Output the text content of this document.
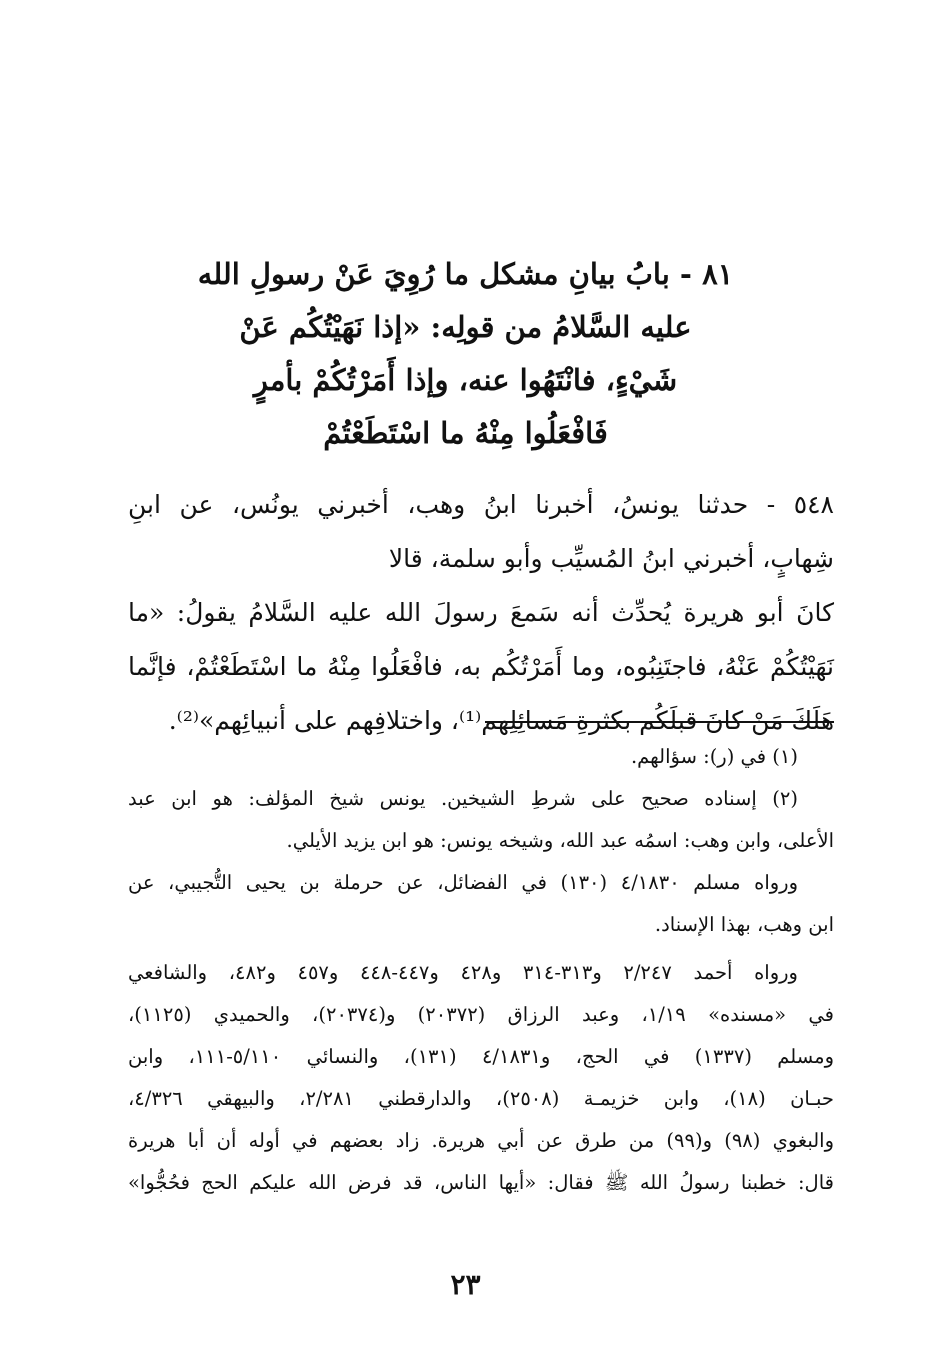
٨١ - بابُ بيانِ مشكل ما رُوِيَ عَنْ رسولِ الله
عليه السَّلامُ من قولِه: «إذا نَهَيْتُكُم عَنْ
شَيْءٍ، فانْتَهُوا عنه، وإذا أَمَرْتُكُمْ بأمرٍ
فَافْعَلُوا مِنْهُ ما اسْتَطَعْتُمْ

٥٤٨ - حدثنا يونسُ، أخبرنا ابنُ وهب، أخبرني يونُس، عن ابنِ

شِهابٍ، أخبرني ابنُ المُسيِّب وأبو سلمة، قالا

كانَ أبو هريرة يُحدِّث أنه سَمعَ رسولَ الله عليه السَّلامُ يقولُ: «ما

نَهَيْتُكُمْ عَنْهُ، فاجتَنِبُوه، وما أَمَرْتُكُم به، فافْعَلُوا مِنْهُ ما اسْتَطَعْتُمْ، فإنَّما

هَلَكَ مَنْ كانَ قبلَكُم بكثرةِ مَسائِلِهم⁽¹⁾، واختلافِهم على أنبيائِهم»⁽²⁾.

(١) في (ر): سؤالهم.

(٢) إسناده صحيح على شرطِ الشيخين. يونس شيخ المؤلف: هو ابن عبد

الأعلى، وابن وهب: اسمُه عبد الله، وشيخه يونس: هو ابن يزيد الأيلي.

ورواه مسلم ٤/١٨٣٠ (١٣٠) في الفضائل، عن حرملة بن يحيى التُّجيبي، عن

ابن وهب، بهذا الإسناد.

ورواه أحمد ٢/٢٤٧ و٣١٣-٣١٤ و٤٢٨ و٤٤٧-٤٤٨ و٤٥٧ و٤٨٢، والشافعي

في «مسنده» ١/١٩، وعبد الرزاق (٢٠٣٧٢) و(٢٠٣٧٤)، والحميدي (١١٢٥)،

ومسلم (١٣٣٧) في الحج، و٤/١٨٣١ (١٣١)، والنسائي ٥/١١٠-١١١، وابن

حبـان (١٨)، وابن خزيمـة (٢٥٠٨)، والدارقطني ٢/٢٨١، والبيهقي ٤/٣٢٦،

والبغوي (٩٨) و(٩٩) من طرق عن أبي هريرة. زاد بعضهم في أوله أن أبا هريرة

قال: خطبنا رسولُ الله ﷺ فقال: «أيها الناس، قد فرض الله عليكم الحج فحُجُّوا»

٢٣
